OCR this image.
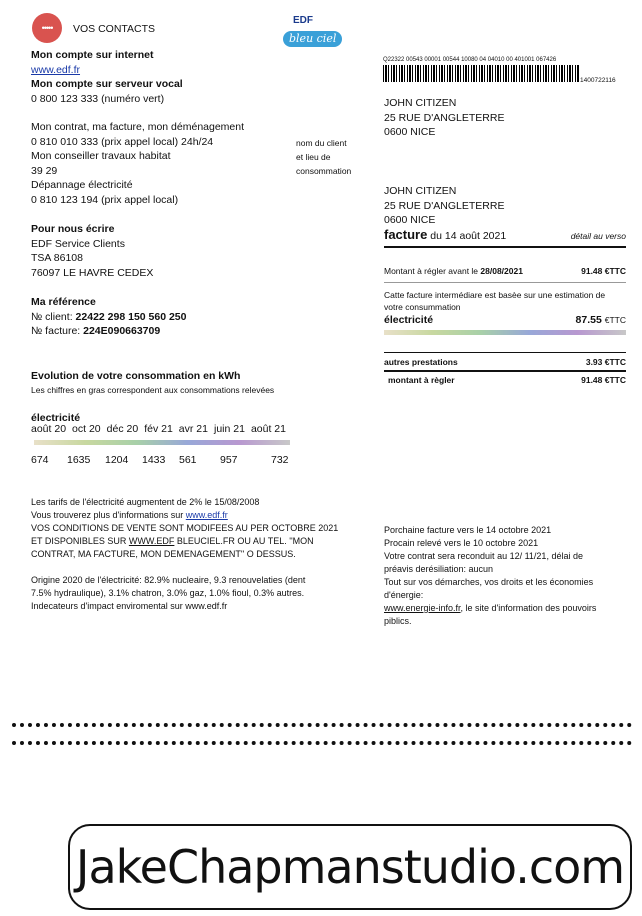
••••• VOS CONTACTS
EDF
bleu ciel
Mon compte sur internet
www.edf.fr
Mon compte sur serveur vocal
0 800 123 333 (numéro vert)
Mon contrat, ma facture, mon déménagement
0 810 010 333 (prix appel local) 24h/24
Mon conseiller travaux habitat
39 29
Dépannage électricité
0 810 123 194 (prix appel local)
Pour nous écrire
EDF Service Clients
TSA 86108
76097 LE HAVRE CEDEX
Ma référence
№ client: 22422 298 150 560 250
№ facture: 224E090663709
nom du client
et lieu de
consommation
Q22322 00543 00001 00544 10080 04 04010 00 401001 067426
1400722116
JOHN CITIZEN
25 RUE D'ANGLETERRE
0600 NICE
JOHN CITIZEN
25 RUE D'ANGLETERRE
0600 NICE
facture du 14 août 2021	détail au verso
Montant à régler avant le 28/08/2021	91.48 €TTC
Catte facture intermédiare est basèe sur une estimation de votre consummation
électricité	87.55 €TTC
autres prestations	3.93 €TTC
montant à règler	91.48 €TTC
Evolution de votre consommation en kWh
Les chiffres en gras correspondent aux consommations relevées
électricité
août 20 oct 20 déc 20 fév 21 avr 21 juin 21 août 21
674 1635 1204 1433 561 957	732
Les tarifs de l'électricité augmentent de 2% le 15/08/2008
Vous trouverez plus d'informations sur www.edf.fr
VOS CONDITIONS DE VENTE SONT MODIFEES AU PER OCTOBRE 2021
ET DISPONIBLES SUR WWW.EDF BLEUCIEL.FR OU AU TEL. ''MON
CONTRAT, MA FACTURE, MON DEMENAGEMENT'' O DESSUS.
Origine 2020 de l'électricité: 82.9% nucleaire, 9.3 renouvelaties (dent
7.5% hydraulique), 3.1% chatron, 3.0% gaz, 1.0% fioul, 0.3% autres.
Indecateurs d'impact enviromental sur www.edf.fr
Porchaine facture vers le 14 octobre 2021
Procain relevé vers le 10 octobre 2021
Votre contrat sera reconduit au 12/ 11/21, délai de
préavis derésiliation: aucun
Tout sur vos démarches, vos droits et les économies
d'énergie:
www.energie-info.fr, le site d'information des pouvoirs
piblics.
JakeChapmanstudio.com
